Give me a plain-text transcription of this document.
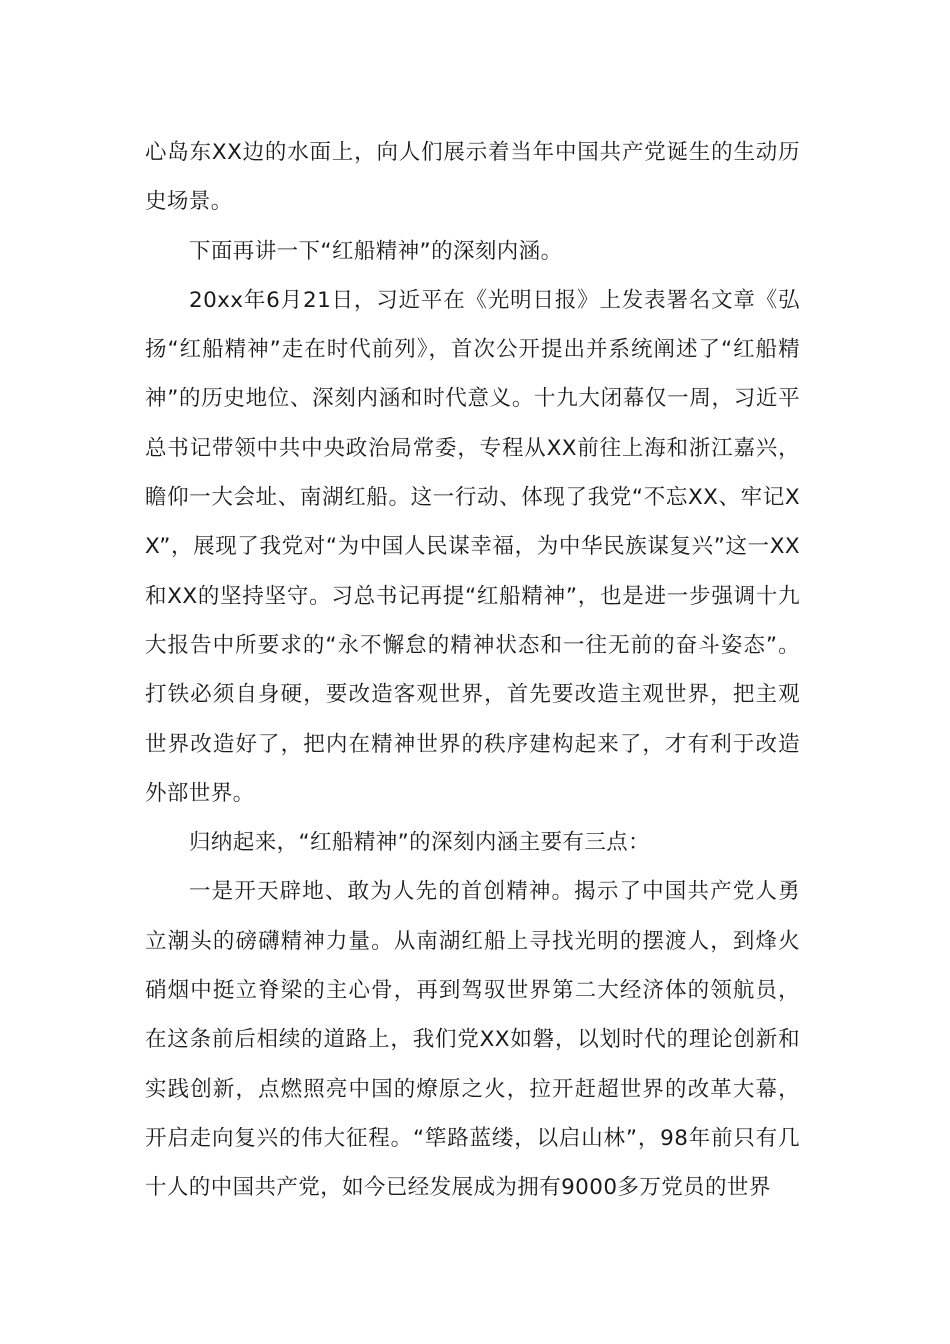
心岛东XX边的水面上，向人们展示着当年中国共产党诞生的生动历史场景。

下面再讲一下“红船精神”的深刻内涵。

20xx年6月21日，习近平在《光明日报》上发表署名文章《弘扬“红船精神”走在时代前列》，首次公开提出并系统阐述了“红船精神”的历史地位、深刻内涵和时代意义。十九大闭幕仅一周，习近平总书记带领中共中央政治局常委，专程从XX前往上海和浙江嘉兴，瞻仰一大会址、南湖红船。这一行动、体现了我党“不忘XX、牢记XX”，展现了我党对“为中国人民谋幸福，为中华民族谋复兴”这一XX和XX的坚持坚守。习总书记再提“红船精神”，也是进一步强调十九大报告中所要求的“永不懈怠的精神状态和一往无前的奋斗姿态”。打铁必须自身硬，要改造客观世界，首先要改造主观世界，把主观世界改造好了，把内在精神世界的秩序建构起来了，才有利于改造外部世界。

归纳起来，“红船精神”的深刻内涵主要有三点：

一是开天辟地、敢为人先的首创精神。揭示了中国共产党人勇立潮头的磅礴精神力量。从南湖红船上寻找光明的摆渡人，到烽火硝烟中挺立脊梁的主心骨，再到驾驭世界第二大经济体的领航员，在这条前后相续的道路上，我们党XX如磐，以划时代的理论创新和实践创新，点燃照亮中国的燎原之火，拉开赶超世界的改革大幕，开启走向复兴的伟大征程。“筚路蓝缕，以启山林”，98年前只有几十人的中国共产党，如今已经发展成为拥有9000多万党员的世界
